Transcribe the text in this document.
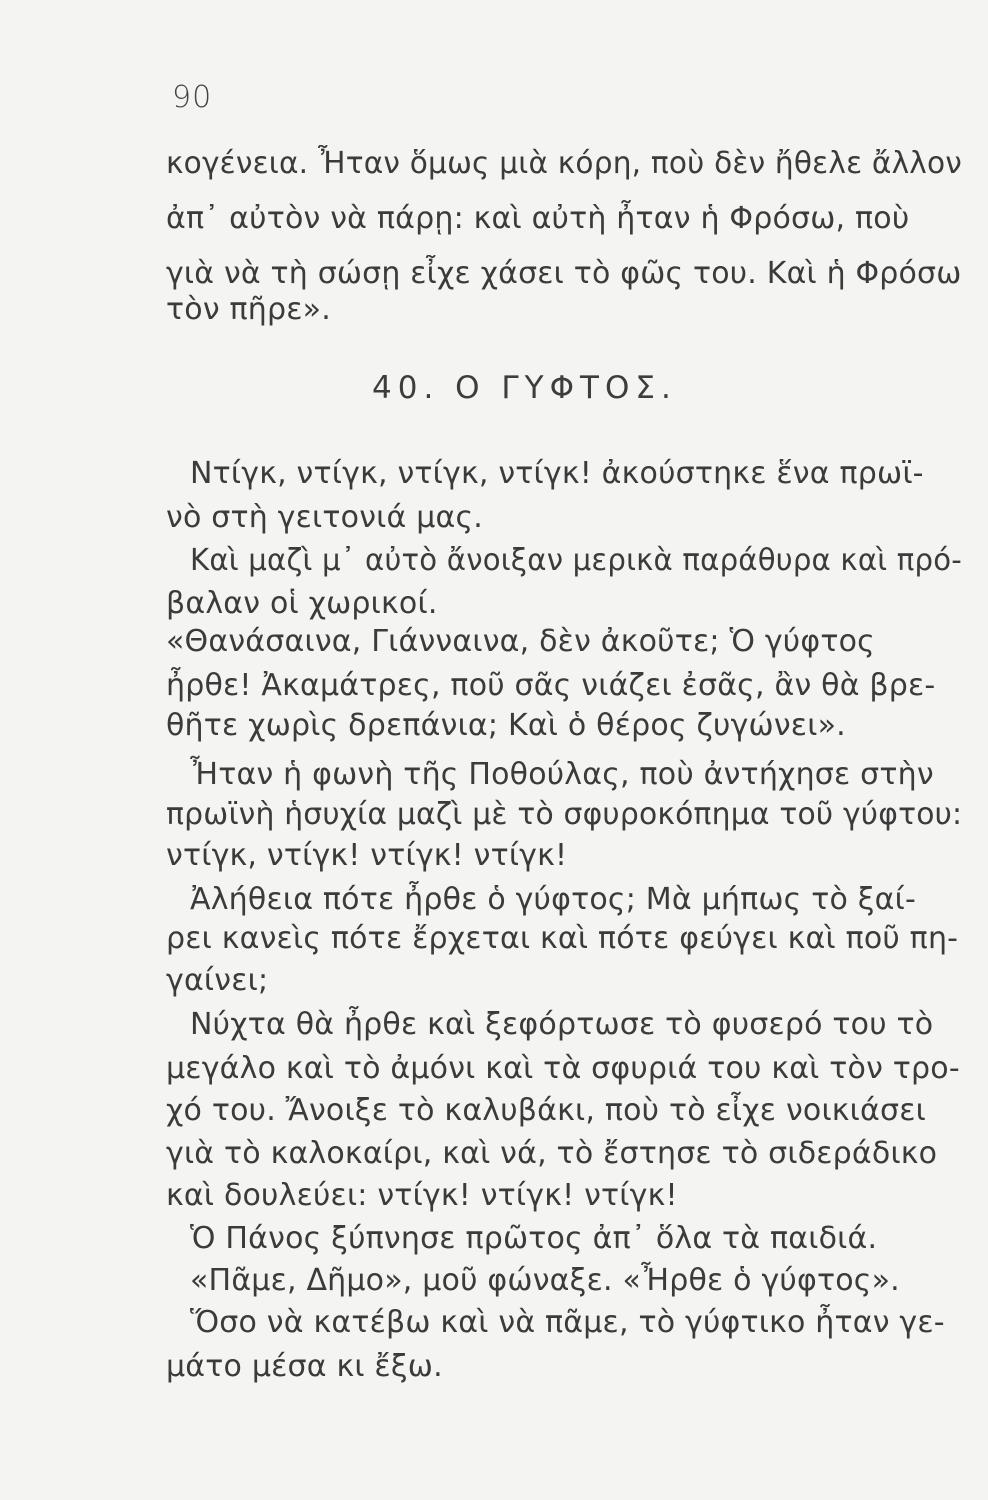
90
κογένεια. Ἦταν ὅμως μιὰ κόρη, ποὺ δὲν ἤθελε ἄλλον
ἀπ᾽ αὐτὸν νὰ πάρῃ: καὶ αὐτὴ ἦταν ἡ Φρόσω, ποὺ
γιὰ νὰ τὴ σώσῃ εἶχε χάσει τὸ φῶς του. Καὶ ἡ Φρόσω
τὸν πῆρε».
40. Ο ΓΥΦΤΟΣ.
Ντίγκ, ντίγκ, ντίγκ, ντίγκ! ἀκούστηκε ἕνα πρωϊ-
νὸ στὴ γειτονιά μας.
Καὶ μαζὶ μ᾽ αὐτὸ ἄνοιξαν μερικὰ παράθυρα καὶ πρό-
βαλαν οἱ χωρικοί.
«Θανάσαινα, Γιάνναινα, δὲν ἀκοῦτε; Ὁ γύφτος
ἦρθε! Ἀκαμάτρες, ποῦ σᾶς νιάζει ἐσᾶς, ἂν θὰ βρε-
θῆτε χωρὶς δρεπάνια; Καὶ ὁ θέρος ζυγώνει».
Ἦταν ἡ φωνὴ τῆς Ποθούλας, ποὺ ἀντήχησε στὴν
πρωϊνὴ ἡσυχία μαζὶ μὲ τὸ σφυροκόπημα τοῦ γύφτου:
ντίγκ, ντίγκ! ντίγκ! ντίγκ!
Ἀλήθεια πότε ἦρθε ὁ γύφτος; Μὰ μήπως τὸ ξαί-
ρει κανεὶς πότε ἔρχεται καὶ πότε φεύγει καὶ ποῦ πη-
γαίνει;
Νύχτα θὰ ἦρθε καὶ ξεφόρτωσε τὸ φυσερό του τὸ
μεγάλο καὶ τὸ ἀμόνι καὶ τὰ σφυριά του καὶ τὸν τρο-
χό του. Ἄνοιξε τὸ καλυβάκι, ποὺ τὸ εἶχε νοικιάσει
γιὰ τὸ καλοκαίρι, καὶ νά, τὸ ἔστησε τὸ σιδεράδικο
καὶ δουλεύει: ντίγκ! ντίγκ! ντίγκ!
Ὁ Πάνος ξύπνησε πρῶτος ἀπ᾽ ὅλα τὰ παιδιά.
«Πᾶμε, Δῆμο», μοῦ φώναξε. «Ἦρθε ὁ γύφτος».
Ὅσο νὰ κατέβω καὶ νὰ πᾶμε, τὸ γύφτικο ἦταν γε-
μάτο μέσα κι ἔξω.
